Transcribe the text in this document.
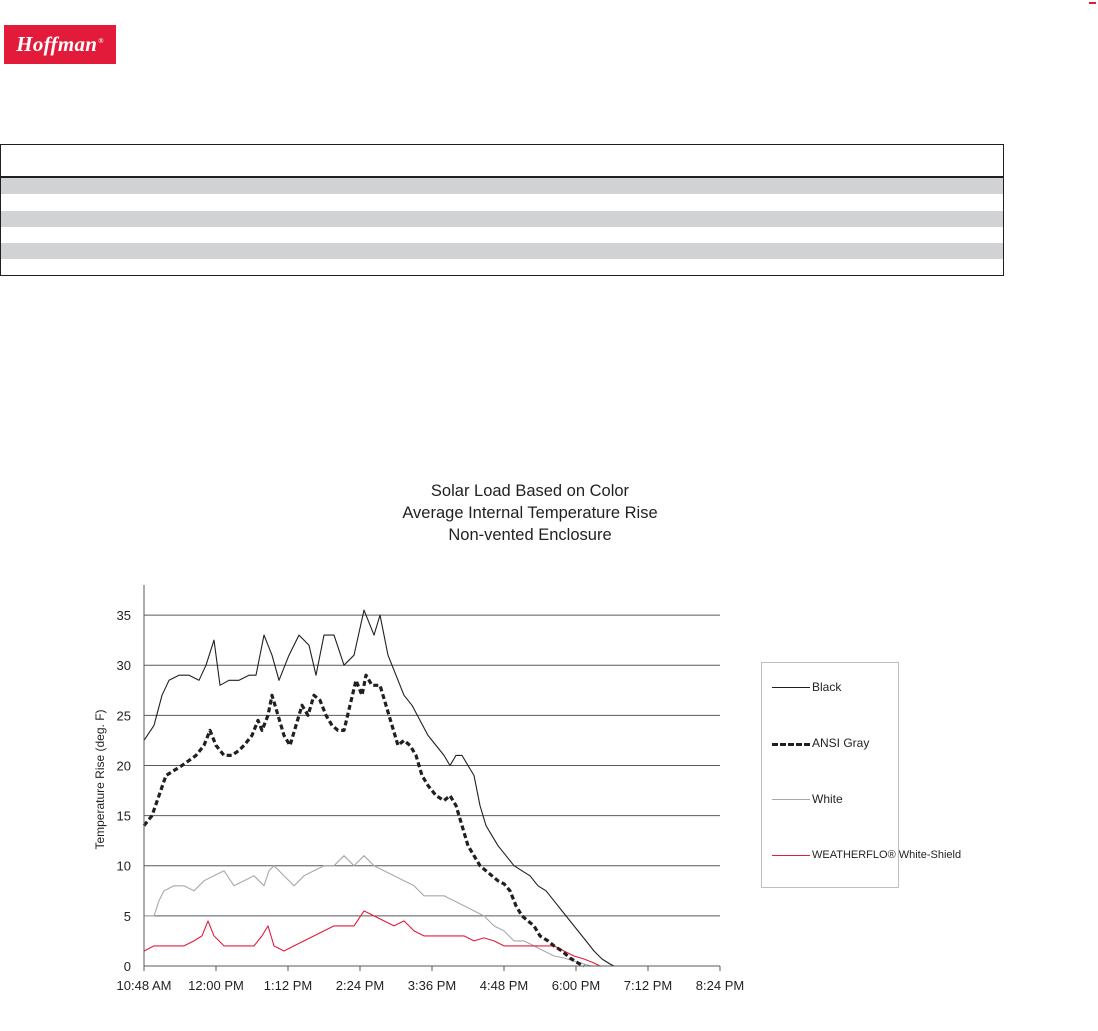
Hoffman®
Solar Load Based on Color
Average Internal Temperature Rise
Non-vented Enclosure
0
5
10
15
20
25
30
35
10:48 AM 12:00 PM 1:12 PM 2:24 PM 3:36 PM 4:48 PM 6:00 PM 7:12 PM 8:24 PM
Temperature Rise (deg. F)
Black
ANSI Gray
White
WEATHERFLO® White-Shield
